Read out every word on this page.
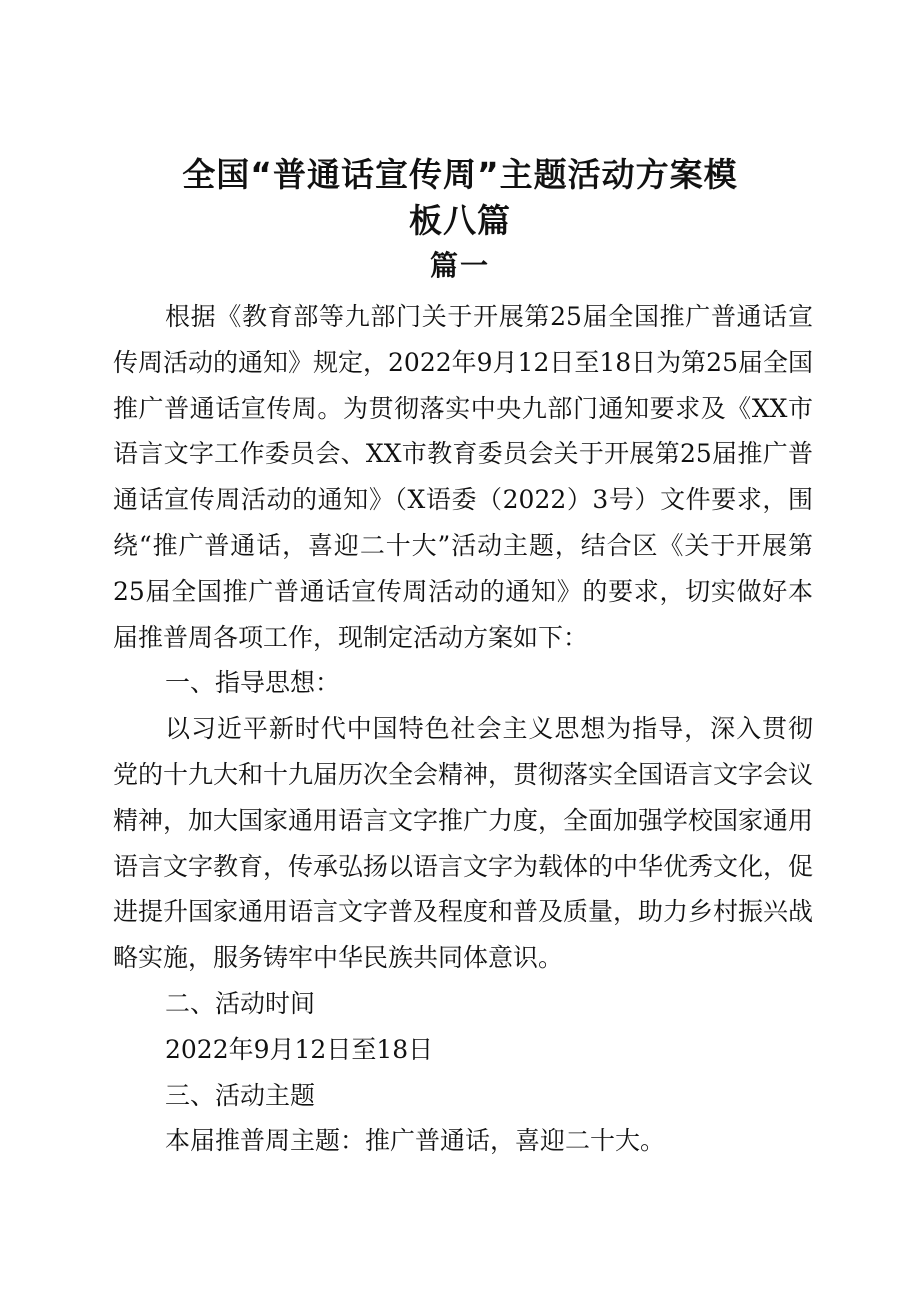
全国“普通话宣传周”主题活动方案模
板八篇
篇一

根据《教育部等九部门关于开展第25届全国推广普通话宣传周活动的通知》规定，2022年9月12日至18日为第25届全国推广普通话宣传周。为贯彻落实中央九部门通知要求及《XX市语言文字工作委员会、XX市教育委员会关于开展第25届推广普通话宣传周活动的通知》（X语委（2022）3号）文件要求，围绕“推广普通话，喜迎二十大”活动主题，结合区《关于开展第25届全国推广普通话宣传周活动的通知》的要求，切实做好本届推普周各项工作，现制定活动方案如下：

一、指导思想：

以习近平新时代中国特色社会主义思想为指导，深入贯彻党的十九大和十九届历次全会精神，贯彻落实全国语言文字会议精神，加大国家通用语言文字推广力度，全面加强学校国家通用语言文字教育，传承弘扬以语言文字为载体的中华优秀文化，促进提升国家通用语言文字普及程度和普及质量，助力乡村振兴战略实施，服务铸牢中华民族共同体意识。

二、活动时间

2022年9月12日至18日

三、活动主题

本届推普周主题：推广普通话，喜迎二十大。
